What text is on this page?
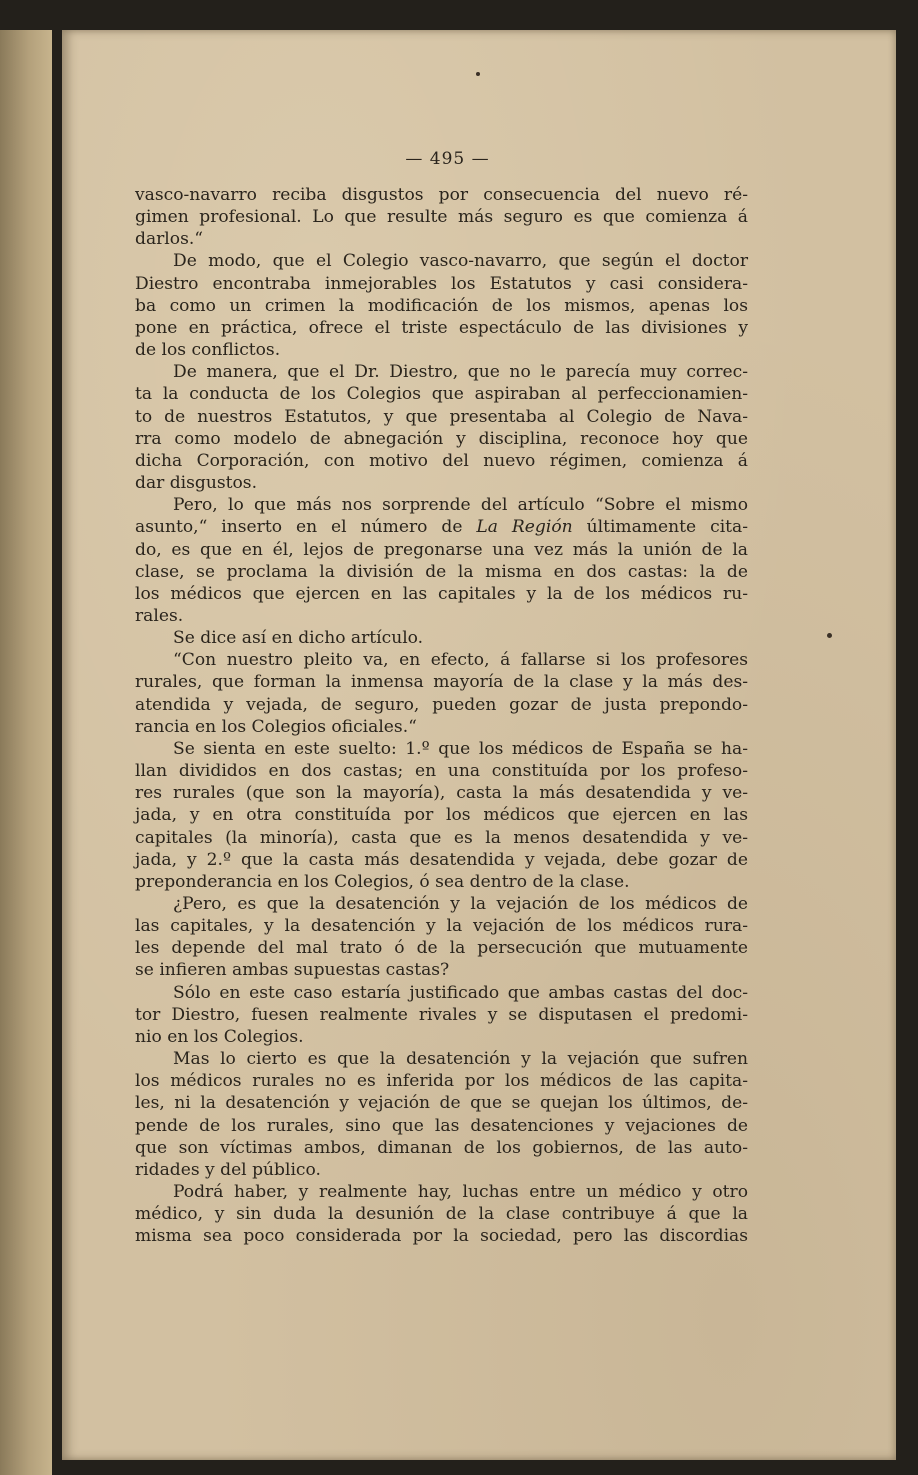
— 495 —
vasco-navarro reciba disgustos por consecuencia del nuevo ré-
gimen profesional. Lo que resulte más seguro es que comienza á
darlos.“
De modo, que el Colegio vasco-navarro, que según el doctor
Diestro encontraba inmejorables los Estatutos y casi considera-
ba como un crimen la modificación de los mismos, apenas los
pone en práctica, ofrece el triste espectáculo de las divisiones y
de los conflictos.
De manera, que el Dr. Diestro, que no le parecía muy correc-
ta la conducta de los Colegios que aspiraban al perfeccionamien-
to de nuestros Estatutos, y que presentaba al Colegio de Nava-
rra como modelo de abnegación y disciplina, reconoce hoy que
dicha Corporación, con motivo del nuevo régimen, comienza á
dar disgustos.
Pero, lo que más nos sorprende del artículo “Sobre el mismo
asunto,“ inserto en el número de La Región últimamente cita-
do, es que en él, lejos de pregonarse una vez más la unión de la
clase, se proclama la división de la misma en dos castas: la de
los médicos que ejercen en las capitales y la de los médicos ru-
rales.
Se dice así en dicho artículo.
“Con nuestro pleito va, en efecto, á fallarse si los profesores
rurales, que forman la inmensa mayoría de la clase y la más des-
atendida y vejada, de seguro, pueden gozar de justa prepondo-
rancia en los Colegios oficiales.“
Se sienta en este suelto: 1.º que los médicos de España se ha-
llan divididos en dos castas; en una constituída por los profeso-
res rurales (que son la mayoría), casta la más desatendida y ve-
jada, y en otra constituída por los médicos que ejercen en las
capitales (la minoría), casta que es la menos desatendida y ve-
jada, y 2.º que la casta más desatendida y vejada, debe gozar de
preponderancia en los Colegios, ó sea dentro de la clase.
¿Pero, es que la desatención y la vejación de los médicos de
las capitales, y la desatención y la vejación de los médicos rura-
les depende del mal trato ó de la persecución que mutuamente
se infieren ambas supuestas castas?
Sólo en este caso estaría justificado que ambas castas del doc-
tor Diestro, fuesen realmente rivales y se disputasen el predomi-
nio en los Colegios.
Mas lo cierto es que la desatención y la vejación que sufren
los médicos rurales no es inferida por los médicos de las capita-
les, ni la desatención y vejación de que se quejan los últimos, de-
pende de los rurales, sino que las desatenciones y vejaciones de
que son víctimas ambos, dimanan de los gobiernos, de las auto-
ridades y del público.
Podrá haber, y realmente hay, luchas entre un médico y otro
médico, y sin duda la desunión de la clase contribuye á que la
misma sea poco considerada por la sociedad, pero las discordias
